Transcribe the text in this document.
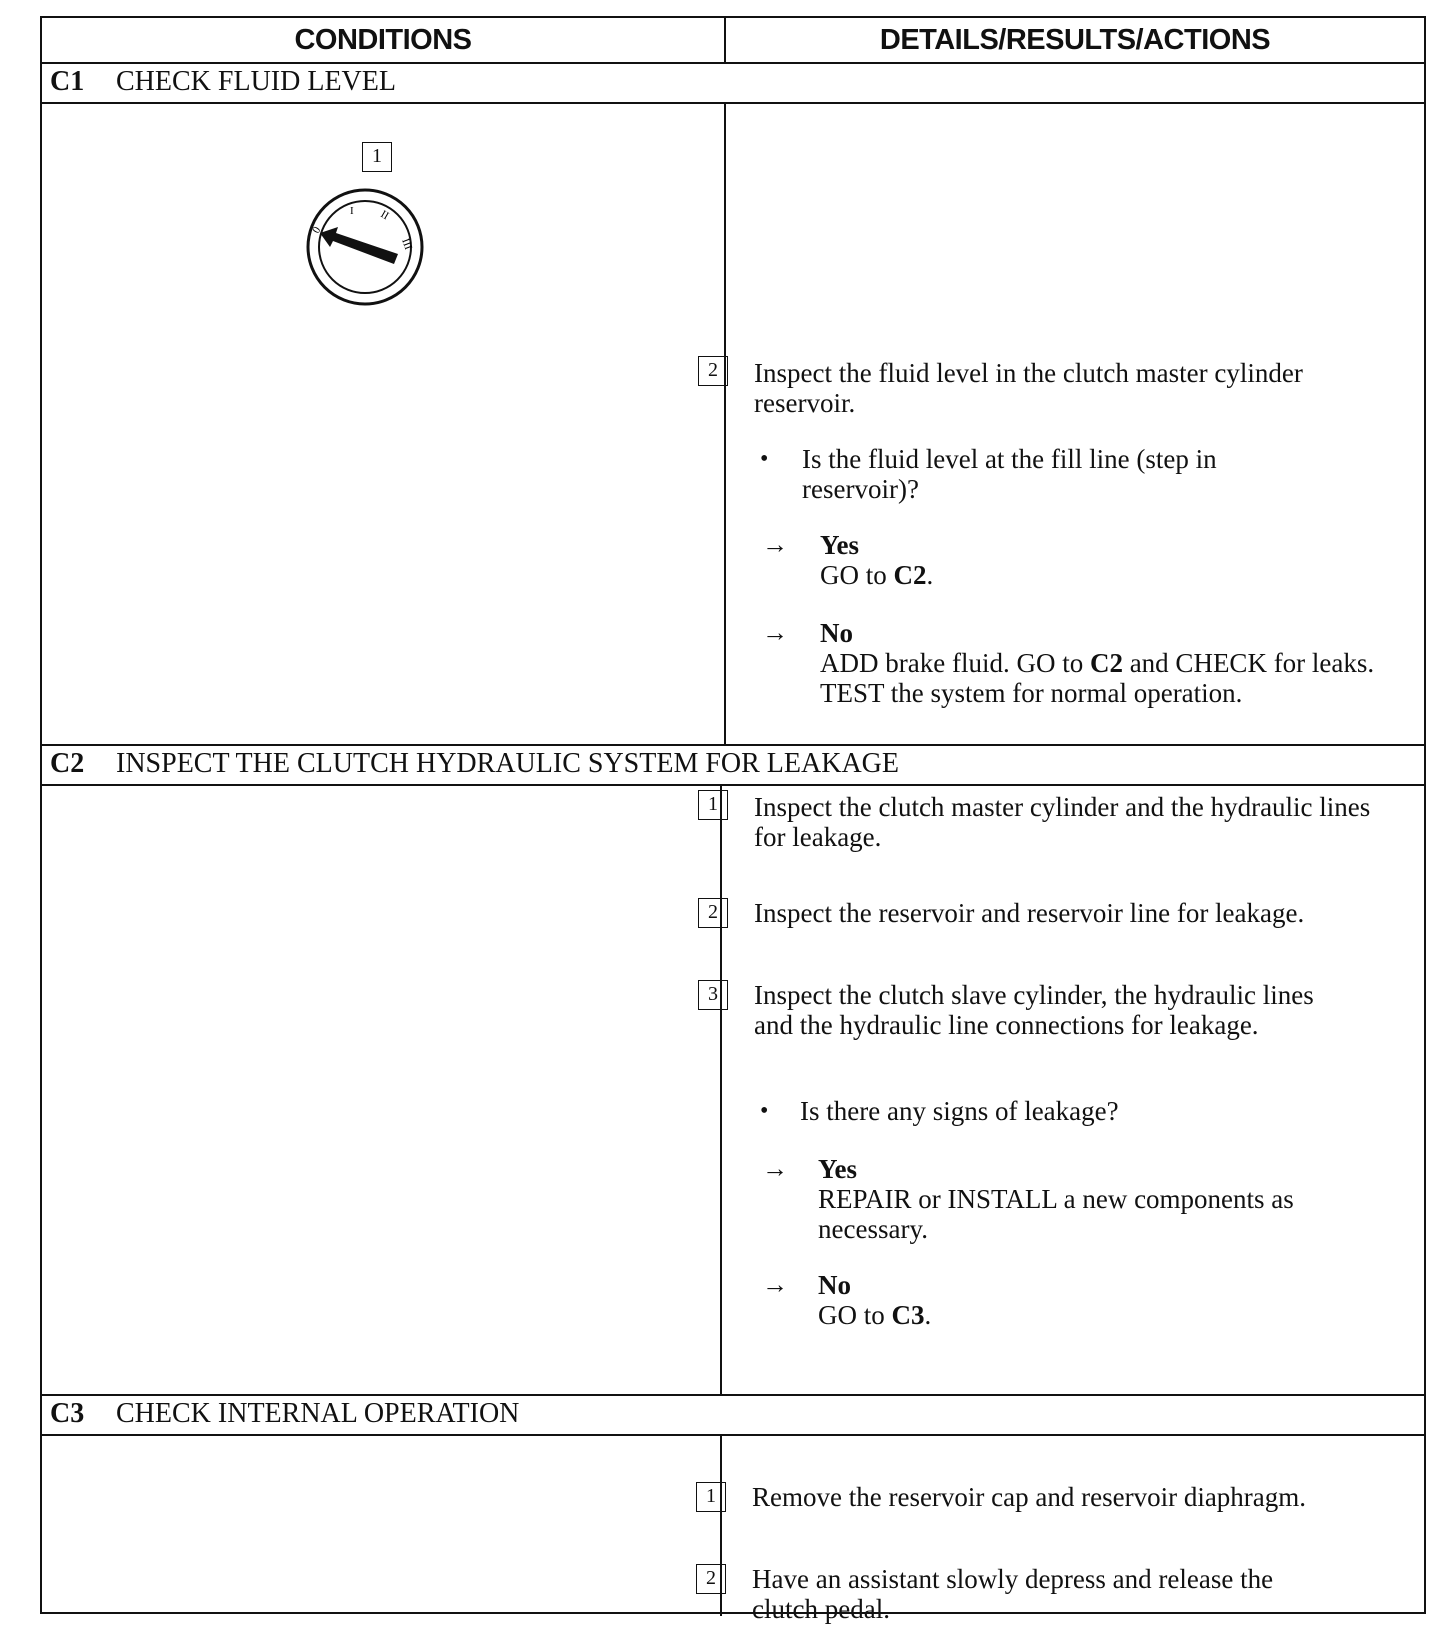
CONDITIONS	DETAILS/RESULTS/ACTIONS
C1 CHECK FLUID LEVEL
1
0
I II
III
2	Inspect the fluid level in the clutch master cylinder reservoir.
• Is the fluid level at the fill line (step in reservoir)?
→ Yes
GO to C2.
→ No
ADD brake fluid. GO to C2 and CHECK for leaks. TEST the system for normal operation.
C2 INSPECT THE CLUTCH HYDRAULIC SYSTEM FOR LEAKAGE
1	Inspect the clutch master cylinder and the hydraulic lines for leakage.
2	Inspect the reservoir and reservoir line for leakage.
3	Inspect the clutch slave cylinder, the hydraulic lines and the hydraulic line connections for leakage.
• Is there any signs of leakage?
→ Yes
REPAIR or INSTALL a new components as necessary.
→ No
GO to C3.
C3 CHECK INTERNAL OPERATION
1	Remove the reservoir cap and reservoir diaphragm.
2	Have an assistant slowly depress and release the clutch pedal.
